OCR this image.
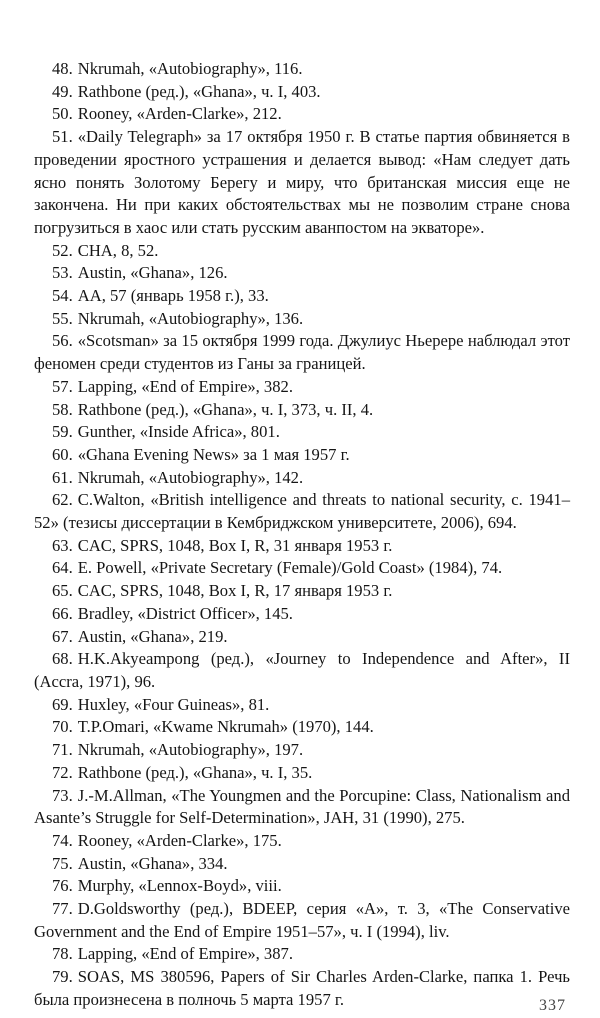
48. Nkrumah, «Autobiography», 116.

49. Rathbone (ред.), «Ghana», ч. I, 403.

50. Rooney, «Arden-Clarke», 212.

51. «Daily Telegraph» за 17 октября 1950 г. В статье партия обвиняется в проведении яростного устрашения и делается вывод: «Нам следует дать ясно понять Золотому Берегу и миру, что британская миссия еще не закончена. Ни при каких обстоятельствах мы не позволим стране снова погрузиться в хаос или стать русским аванпостом на экваторе».

52. CHA, 8, 52.

53. Austin, «Ghana», 126.

54. AA, 57 (январь 1958 г.), 33.

55. Nkrumah, «Autobiography», 136.

56. «Scotsman» за 15 октября 1999 года. Джулиус Ньерере наблюдал этот феномен среди студентов из Ганы за границей.

57. Lapping, «End of Empire», 382.

58. Rathbone (ред.), «Ghana», ч. I, 373, ч. II, 4.

59. Gunther, «Inside Africa», 801.

60. «Ghana Evening News» за 1 мая 1957 г.

61. Nkrumah, «Autobiography», 142.

62. C.Walton, «British intelligence and threats to national security, c. 1941–52» (тезисы диссертации в Кембриджском университете, 2006), 694.

63. CAC, SPRS, 1048, Box I, R, 31 января 1953 г.

64. E. Powell, «Private Secretary (Female)/Gold Coast» (1984), 74.

65. CAC, SPRS, 1048, Box I, R, 17 января 1953 г.

66. Bradley, «District Officer», 145.

67. Austin, «Ghana», 219.

68. H.K.Akyeampong (ред.), «Journey to Independence and After», II (Accra, 1971), 96.

69. Huxley, «Four Guineas», 81.

70. T.P.Omari, «Kwame Nkrumah» (1970), 144.

71. Nkrumah, «Autobiography», 197.

72. Rathbone (ред.), «Ghana», ч. I, 35.

73. J.-M.Allman, «The Youngmen and the Porcupine: Class, Nationalism and Asante’s Struggle for Self-Determination», JAH, 31 (1990), 275.

74. Rooney, «Arden-Clarke», 175.

75. Austin, «Ghana», 334.

76. Murphy, «Lennox-Boyd», viii.

77. D.Goldsworthy (ред.), BDEEP, серия «A», т. 3, «The Conservative Government and the End of Empire 1951–57», ч. I (1994), liv.

78. Lapping, «End of Empire», 387.

79. SOAS, MS 380596, Papers of Sir Charles Arden-Clarke, папка 1. Речь была произнесена в полночь 5 марта 1957 г.	337
